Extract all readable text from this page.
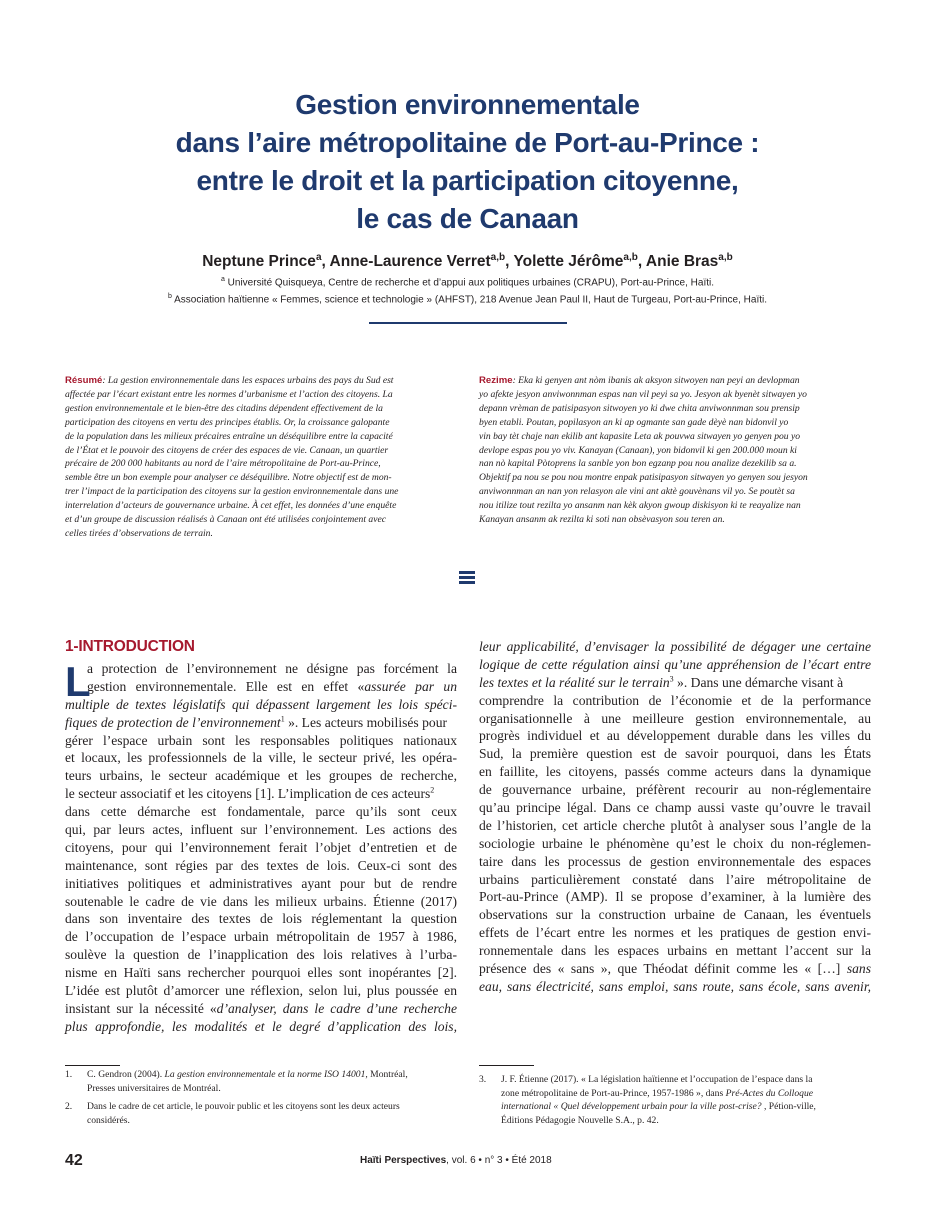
Gestion environnementale
dans l’aire métropolitaine de Port-au-Prince :
entre le droit et la participation citoyenne,
le cas de Canaan
Neptune Prince$^a$, Anne-Laurence Verret$^{a,b}$, Yolette Jérôme$^{a,b}$, Anie Bras$^{a,b}$
$^a$ Université Quisqueya, Centre de recherche et d’appui aux politiques urbaines (CRAPU), Port-au-Prince, Haïti.
$^b$ Association haïtienne « Femmes, science et technologie » (AHFST), 218 Avenue Jean Paul II, Haut de Turgeau, Port-au-Prince, Haïti.
Résumé: La gestion environnementale dans les espaces urbains des pays du Sud est
affectée par l’écart existant entre les normes d’urbanisme et l’action des citoyens. La
gestion environnementale et le bien-être des citadins dépendent effectivement de la
participation des citoyens en vertu des principes établis. Or, la croissance galopante
de la population dans les milieux précaires entraîne un déséquilibre entre la capacité
de l’État et le pouvoir des citoyens de créer des espaces de vie. Canaan, un quartier
précaire de 200 000 habitants au nord de l’aire métropolitaine de Port-au-Prince,
semble être un bon exemple pour analyser ce déséquilibre. Notre objectif est de mon-
trer l’impact de la participation des citoyens sur la gestion environnementale dans une
interrelation d’acteurs de gouvernance urbaine. À cet effet, les données d’une enquête
et d’un groupe de discussion réalisés à Canaan ont été utilisées conjointement avec
celles tirées d’observations de terrain.
Rezime: Eka ki genyen ant nòm ibanis ak aksyon sitwoyen nan peyi an devlopman
yo afekte jesyon anviwonnman espas nan vil peyi sa yo. Jesyon ak byenèt sitwayen yo
depann vrèman de patisipasyon sitwoyen yo ki dwe chita anviwonnman sou prensip
byen etabli. Poutan, popilasyon an ki ap ogmante san gade dèyè nan bidonvil yo
vin bay tèt chaje nan ekilib ant kapasite Leta ak pouvwa sitwayen yo genyen pou yo
devlope espas pou yo viv. Kanayan (Canaan), yon bidonvil ki gen 200.000 moun ki
nan nò kapital Pòtoprens la sanble yon bon egzanp pou nou analize dezekilib sa a.
Objektif pa nou se pou nou montre enpak patisipasyon sitwayen yo genyen sou jesyon
anviwonnman an nan yon relasyon ale vini ant aktè gouvènans vil yo. Se poutèt sa
nou itilize tout rezilta yo ansanm nan kèk akyon gwoup diskisyon ki te reayalize nan
Kanayan ansanm ak rezilta ki soti nan obsèvasyon sou teren an.
1-INTRODUCTION
L
a protection de l’environnement ne désigne pas forcément la
gestion environnementale. Elle est en effet «assurée par un
multiple de textes législatifs qui dépassent largement les lois spéci-
fiques de protection de l’environnement$^1$ ». Les acteurs mobilisés pour
gérer l’espace urbain sont les responsables politiques nationaux
et locaux, les professionnels de la ville, le secteur privé, les opéra-
teurs urbains, le secteur académique et les groupes de recherche,
le secteur associatif et les citoyens [1]. L’implication de ces acteurs$^2$
dans cette démarche est fondamentale, parce qu’ils sont ceux
qui, par leurs actes, influent sur l’environnement. Les actions des
citoyens, pour qui l’environnement ferait l’objet d’entretien et de
maintenance, sont régies par des textes de lois. Ceux-ci sont des
initiatives politiques et administratives ayant pour but de rendre
soutenable le cadre de vie dans les milieux urbains. Étienne (2017)
dans son inventaire des textes de lois réglementant la question
de l’occupation de l’espace urbain métropolitain de 1957 à 1986,
soulève la question de l’inapplication des lois relatives à l’urba-
nisme en Haïti sans rechercher pourquoi elles sont inopérantes [2].
L’idée est plutôt d’amorcer une réflexion, selon lui, plus poussée en
insistant sur la nécessité «d’analyser, dans le cadre d’une recherche
plus approfondie, les modalités et le degré d’application des lois,
leur applicabilité, d’envisager la possibilité de dégager une certaine
logique de cette régulation ainsi qu’une appréhension de l’écart entre
les textes et la réalité sur le terrain$^3$ ». Dans une démarche visant à
comprendre la contribution de l’économie et de la performance
organisationnelle à une meilleure gestion environnementale, au
progrès individuel et au développement durable dans les villes du
Sud, la première question est de savoir pourquoi, dans les États
en faillite, les citoyens, passés comme acteurs dans la dynamique
de gouvernance urbaine, préfèrent recourir au non-réglementaire
qu’au principe légal. Dans ce champ aussi vaste qu’ouvre le travail
de l’historien, cet article cherche plutôt à analyser sous l’angle de la
sociologie urbaine le phénomène qu’est le choix du non-réglemen-
taire dans les processus de gestion environnementale des espaces
urbains particulièrement constaté dans l’aire métropolitaine de
Port-au-Prince (AMP). Il se propose d’examiner, à la lumière des
observations sur la construction urbaine de Canaan, les éventuels
effets de l’écart entre les normes et les pratiques de gestion envi-
ronnementale dans les espaces urbains en mettant l’accent sur la
présence des « sans », que Théodat définit comme les « […] sans
eau, sans électricité, sans emploi, sans route, sans école, sans avenir,
1. C. Gendron (2004). La gestion environnementale et la norme ISO 14001, Montréal,
Presses universitaires de Montréal.
2. Dans le cadre de cet article, le pouvoir public et les citoyens sont les deux acteurs
considérés.
3. J. F. Étienne (2017). « La législation haïtienne et l’occupation de l’espace dans la
zone métropolitaine de Port-au-Prince, 1957-1986 », dans Pré-Actes du Colloque
international « Quel développement urbain pour la ville post-crise? , Pétion-ville,
Éditions Pédagogie Nouvelle S.A., p. 42.
42	Haïti Perspectives, vol. 6 • n° 3 • Été 2018
